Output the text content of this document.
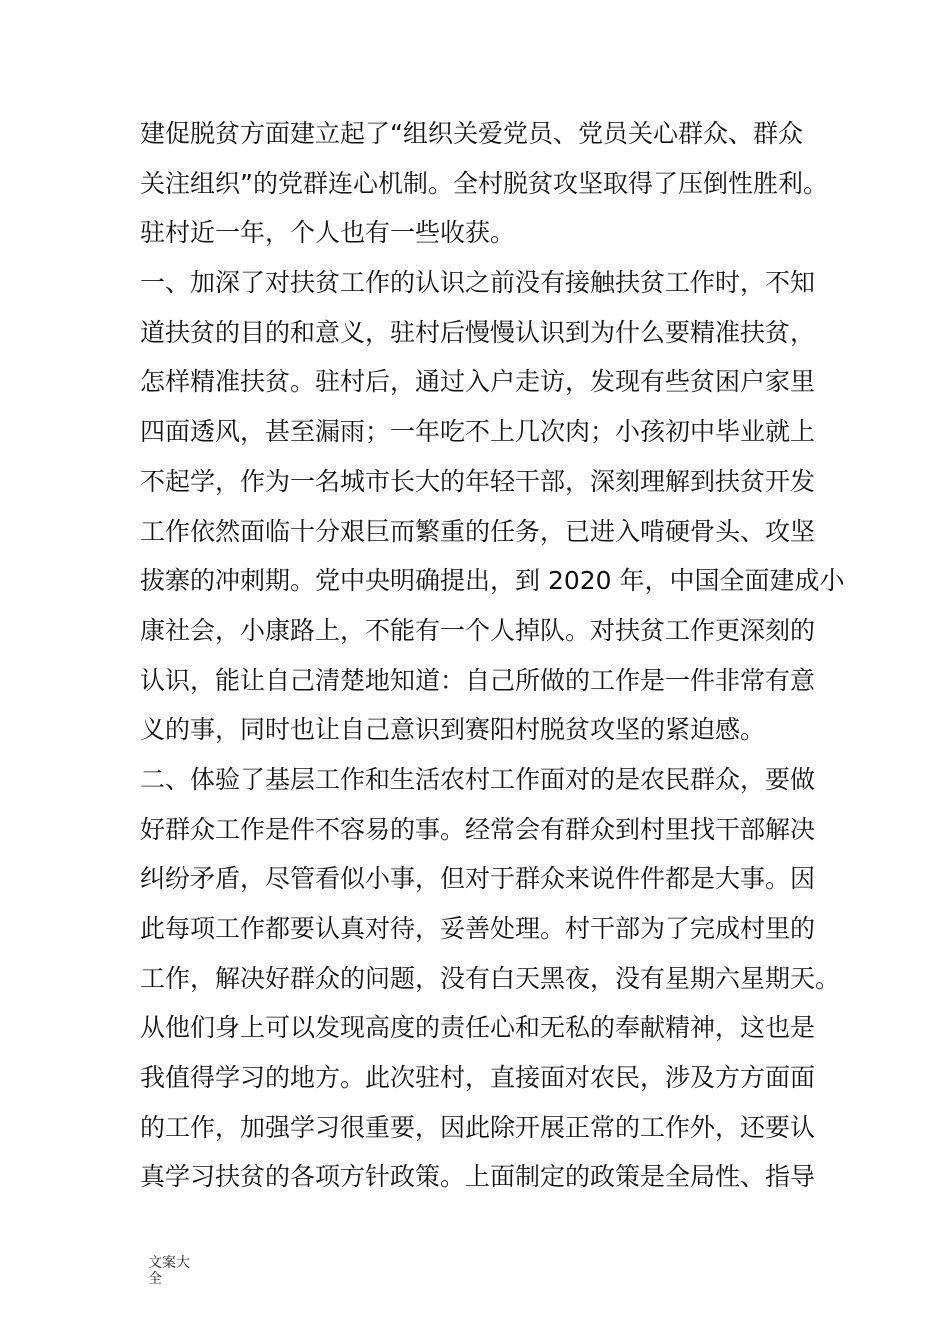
建促脱贫方面建立起了“组织关爱党员、党员关心群众、群众
关注组织”的党群连心机制。全村脱贫攻坚取得了压倒性胜利。
驻村近一年，个人也有一些收获。
一、加深了对扶贫工作的认识之前没有接触扶贫工作时，不知
道扶贫的目的和意义，驻村后慢慢认识到为什么要精准扶贫，
怎样精准扶贫。驻村后，通过入户走访，发现有些贫困户家里
四面透风，甚至漏雨；一年吃不上几次肉；小孩初中毕业就上
不起学，作为一名城市长大的年轻干部，深刻理解到扶贫开发
工作依然面临十分艰巨而繁重的任务，已进入啃硬骨头、攻坚
拔寨的冲刺期。党中央明确提出，到 2020 年，中国全面建成小
康社会，小康路上，不能有一个人掉队。对扶贫工作更深刻的
认识，能让自己清楚地知道：自己所做的工作是一件非常有意
义的事，同时也让自己意识到赛阳村脱贫攻坚的紧迫感。
二、体验了基层工作和生活农村工作面对的是农民群众，要做
好群众工作是件不容易的事。经常会有群众到村里找干部解决
纠纷矛盾，尽管看似小事，但对于群众来说件件都是大事。因
此每项工作都要认真对待，妥善处理。村干部为了完成村里的
工作，解决好群众的问题，没有白天黑夜，没有星期六星期天。
从他们身上可以发现高度的责任心和无私的奉献精神，这也是
我值得学习的地方。此次驻村，直接面对农民，涉及方方面面
的工作，加强学习很重要，因此除开展正常的工作外，还要认
真学习扶贫的各项方针政策。上面制定的政策是全局性、指导
文案大
全
